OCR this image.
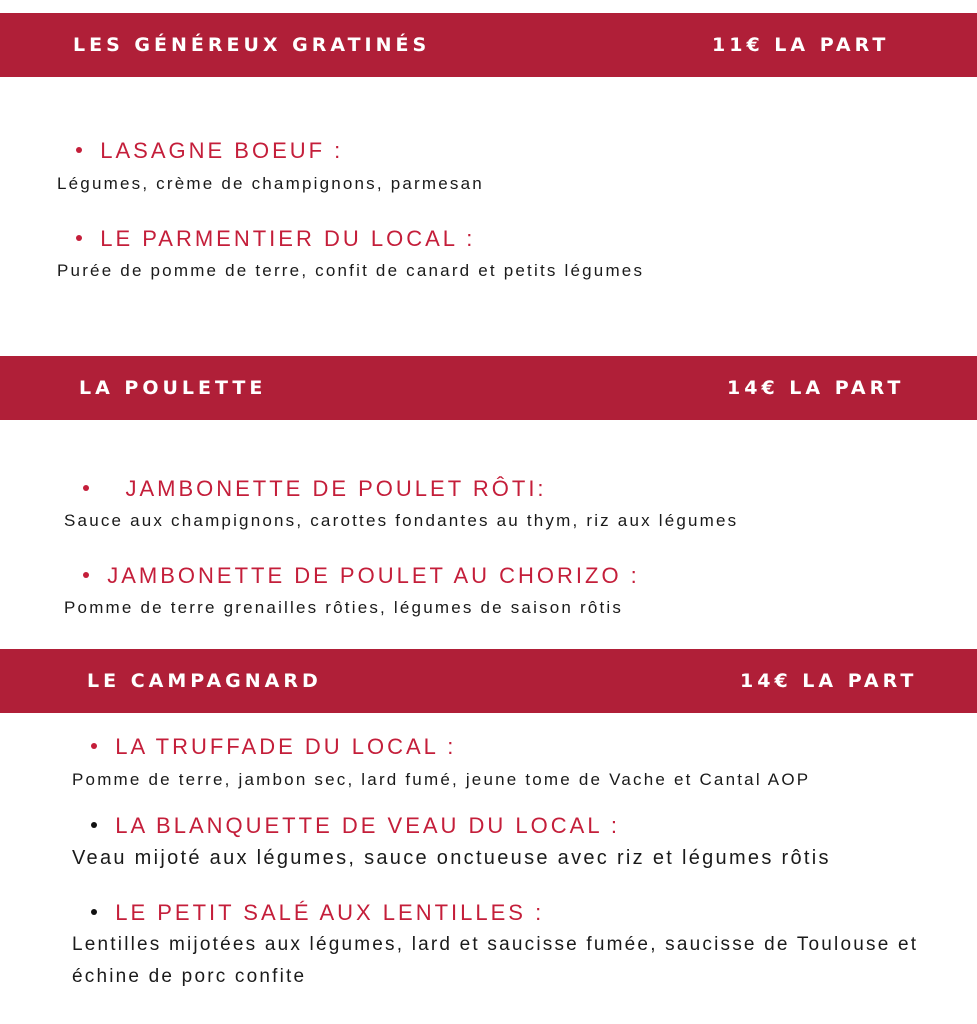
LES GÉNÉREUX GRATINÉS	11€ LA PART
LASAGNE BOEUF :
Légumes, crème de champignons, parmesan
LE PARMENTIER DU LOCAL :
Purée de pomme de terre, confit de canard et petits légumes
LA POULETTE	14€ LA PART
JAMBONETTE DE POULET RÔTI:
Sauce aux champignons, carottes fondantes au thym, riz aux légumes
JAMBONETTE DE POULET AU CHORIZO :
Pomme de terre grenailles rôties, légumes de saison rôtis
LE CAMPAGNARD	14€ LA PART
LA TRUFFADE DU LOCAL :
Pomme de terre, jambon sec, lard fumé, jeune tome de Vache et Cantal AOP
LA BLANQUETTE DE VEAU DU LOCAL :
Veau mijoté aux légumes, sauce onctueuse avec riz et légumes rôtis
LE PETIT SALÉ AUX LENTILLES :
Lentilles mijotées aux légumes, lard et saucisse fumée, saucisse de Toulouse et échine de porc confite
